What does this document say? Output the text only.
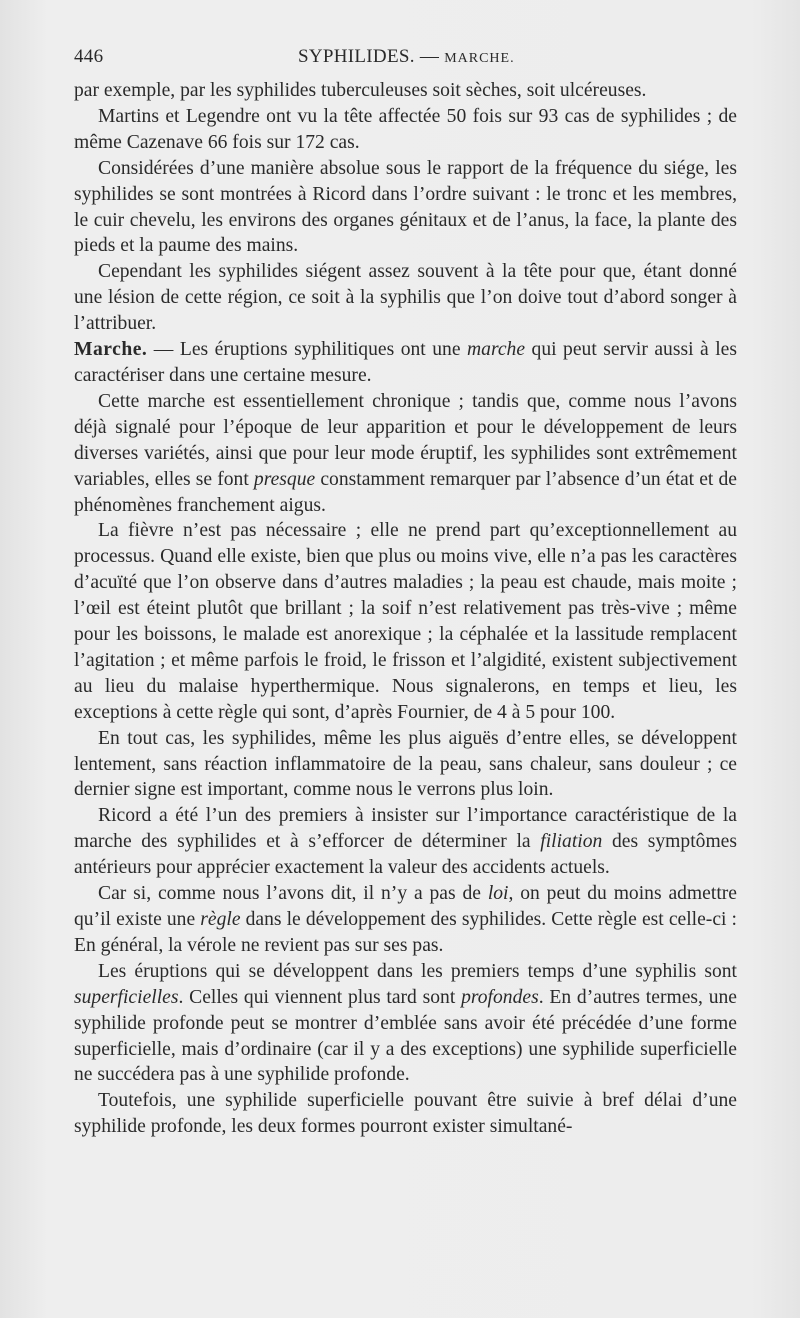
446	SYPHILIDES. — MARCHE.

par exemple, par les syphilides tuberculeuses soit sèches, soit ulcéreuses.

Martins et Legendre ont vu la tête affectée 50 fois sur 93 cas de syphilides ; de même Cazenave 66 fois sur 172 cas.

Considérées d’une manière absolue sous le rapport de la fréquence du siége, les syphilides se sont montrées à Ricord dans l’ordre suivant : le tronc et les membres, le cuir chevelu, les environs des organes génitaux et de l’anus, la face, la plante des pieds et la paume des mains.

Cependant les syphilides siégent assez souvent à la tête pour que, étant donné une lésion de cette région, ce soit à la syphilis que l’on doive tout d’abord songer à l’attribuer.

Marche. — Les éruptions syphilitiques ont une marche qui peut servir aussi à les caractériser dans une certaine mesure.

Cette marche est essentiellement chronique ; tandis que, comme nous l’avons déjà signalé pour l’époque de leur apparition et pour le développement de leurs diverses variétés, ainsi que pour leur mode éruptif, les syphilides sont extrêmement variables, elles se font presque constamment remarquer par l’absence d’un état et de phénomènes franchement aigus.

La fièvre n’est pas nécessaire ; elle ne prend part qu’exceptionnellement au processus. Quand elle existe, bien que plus ou moins vive, elle n’a pas les caractères d’acuïté que l’on observe dans d’autres maladies ; la peau est chaude, mais moite ; l’œil est éteint plutôt que brillant ; la soif n’est relativement pas très-vive ; même pour les boissons, le malade est anorexique ; la céphalée et la lassitude remplacent l’agitation ; et même parfois le froid, le frisson et l’algidité, existent subjectivement au lieu du malaise hyperthermique. Nous signalerons, en temps et lieu, les exceptions à cette règle qui sont, d’après Fournier, de 4 à 5 pour 100.

En tout cas, les syphilides, même les plus aiguës d’entre elles, se développent lentement, sans réaction inflammatoire de la peau, sans chaleur, sans douleur ; ce dernier signe est important, comme nous le verrons plus loin.

Ricord a été l’un des premiers à insister sur l’importance caractéristique de la marche des syphilides et à s’efforcer de déterminer la filiation des symptômes antérieurs pour apprécier exactement la valeur des accidents actuels.

Car si, comme nous l’avons dit, il n’y a pas de loi, on peut du moins admettre qu’il existe une règle dans le développement des syphilides. Cette règle est celle-ci : En général, la vérole ne revient pas sur ses pas.

Les éruptions qui se développent dans les premiers temps d’une syphilis sont superficielles. Celles qui viennent plus tard sont profondes. En d’autres termes, une syphilide profonde peut se montrer d’emblée sans avoir été précédée d’une forme superficielle, mais d’ordinaire (car il y a des exceptions) une syphilide superficielle ne succédera pas à une syphilide profonde.

Toutefois, une syphilide superficielle pouvant être suivie à bref délai d’une syphilide profonde, les deux formes pourront exister simultané-
